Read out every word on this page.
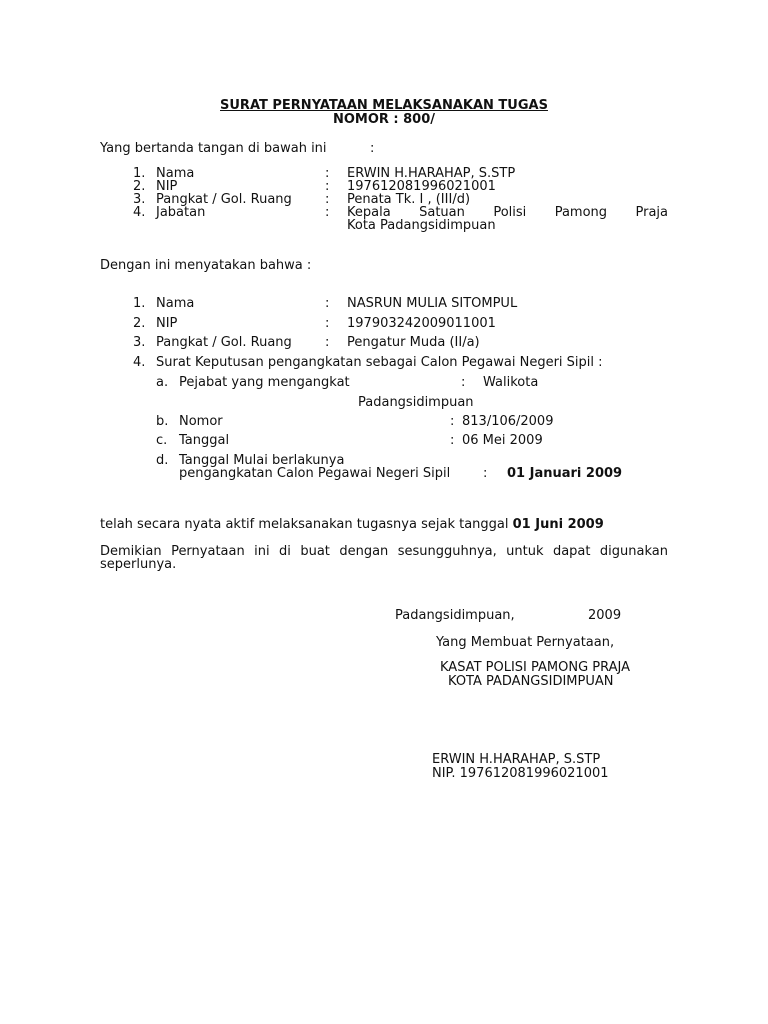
SURAT PERNYATAAN MELAKSANAKAN TUGAS
NOMOR : 800/
Yang bertanda tangan di bawah ini	:
1. Nama	: ERWIN H.HARAHAP, S.STP
2. NIP	: 197612081996021001
3. Pangkat / Gol. Ruang	: Penata Tk. I , (III/d)
4. Jabatan	: Kepala Satuan Polisi Pamong Praja
Kota Padangsidimpuan
Dengan ini menyatakan bahwa :
1. Nama	: NASRUN MULIA SITOMPUL
2. NIP	: 197903242009011001
3. Pangkat / Gol. Ruang	: Pengatur Muda (II/a)
4. Surat Keputusan pengangkatan sebagai Calon Pegawai Negeri Sipil :
a. Pejabat yang mengangkat	: Walikota
Padangsidimpuan
b. Nomor	: 813/106/2009
c. Tanggal	: 06 Mei 2009
d. Tanggal Mulai berlakunya
pengangkatan Calon Pegawai Negeri Sipil	: 01 Januari 2009
telah secara nyata aktif melaksanakan tugasnya sejak tanggal 01 Juni 2009
Demikian Pernyataan ini di buat dengan sesungguhnya, untuk dapat digunakan
seperlunya.
Padangsidimpuan,	2009
Yang Membuat Pernyataan,
KASAT POLISI PAMONG PRAJA
KOTA PADANGSIDIMPUAN
ERWIN H.HARAHAP, S.STP
NIP. 197612081996021001
